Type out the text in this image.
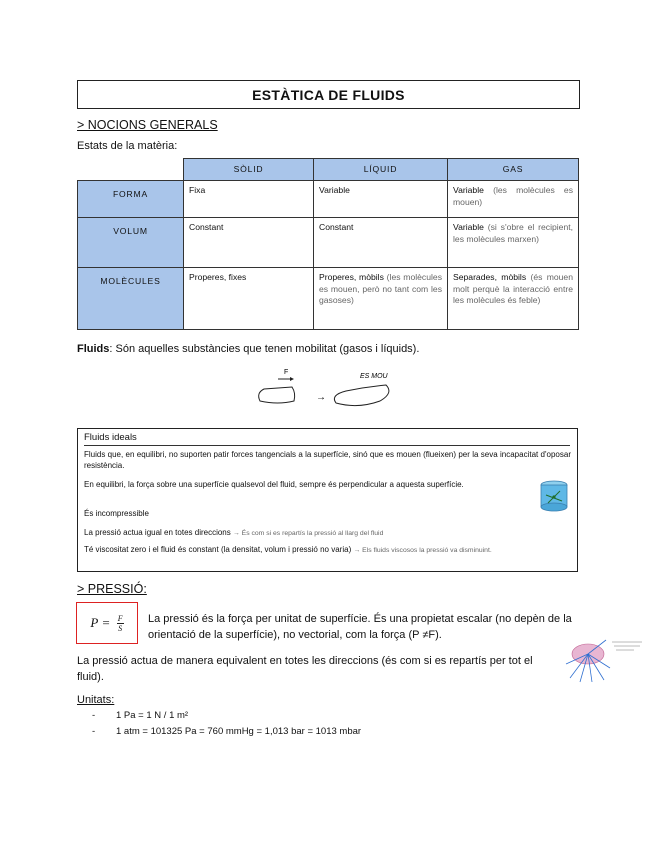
ESTÀTICA DE FLUIDS
> NOCIONS GENERALS
Estats de la matèria:
	SÒLID	LÍQUID	GAS
FORMA	Fixa	Variable	Variable (les molècules es mouen)
VOLUM	Constant	Constant	Variable (si s'obre el recipient, les molècules marxen)
MOLÈCULES	Properes, fixes	Properes, mòbils (les molècules es mouen, però no tant com les gasoses)	Separades, mòbils (és mouen molt perquè la interacció entre les molècules és feble)
Fluids: Són aquelles substàncies que tenen mobilitat (gasos i líquids).
F
→
ES MOU
Fluids ideals

Fluids que, en equilibri, no suporten patir forces tangencials a la superfície, sinó que es mouen (flueixen) per la seva incapacitat d'oposar resistència.

En equilibri, la força sobre una superfície qualsevol del fluid, sempre és perpendicular a aquesta superfície.

És incompressible

La pressió actua igual en totes direccions → És com si es repartís la pressió al llarg del fluid

Té viscositat zero i el fluid és constant (la densitat, volum i pressió no varia) → Els fluids viscosos la pressió va disminuint.

> PRESSIÓ:
$P = \frac{F}{S}$ La pressió és la força per unitat de superfície. És una propietat escalar (no depèn de la orientació de la superfície), no vectorial, com la força (P ≠F).
La pressió actua de manera equivalent en totes les direccions (és com si es repartís per tot el fluid).
Unitats:
- 1 Pa = 1 N / 1 m²
- 1 atm = 101325 Pa = 760 mmHg = 1,013 bar = 1013 mbar
